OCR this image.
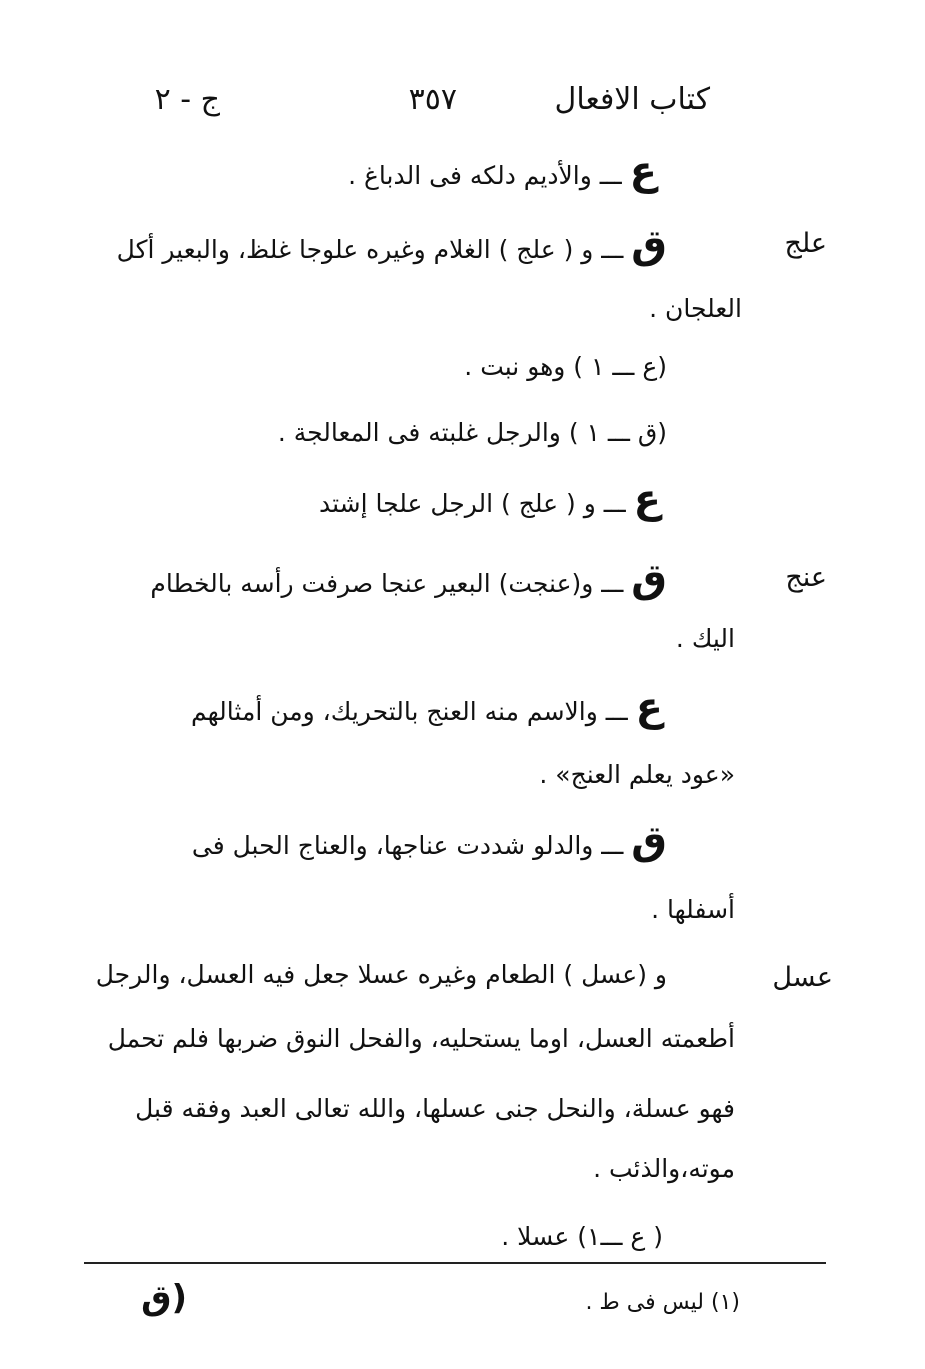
كتاب الافعال
٣٥٧
ج - ٢
ع ـــ والأديم دلكه فى الدباغ .
علج
ق ـــ و ( علج ) الغلام وغيره علوجا غلظ، والبعير أكل
العلجان .
(ع ـــ ١ ) وهو نبت .
(ق ـــ ١ ) والرجل غلبته فى المعالجة .
ع ـــ و ( علج ) الرجل علجا إشتد
عنج
ق ـــ و(عنجت) البعير عنجا صرفت رأسه بالخطام
اليك .
ع ـــ والاسم منه العنج بالتحريك، ومن أمثالهم
«عود يعلم العنج» .
ق ـــ والدلو شددت عناجها، والعناج الحبل فى
أسفلها .
عسل
و (عسل ) الطعام وغيره عسلا جعل فيه العسل، والرجل
أطعمته العسل، اوما يستحليه، والفحل النوق ضربها فلم تحمل
فهو عسلة، والنحل جنى عسلها، والله تعالى العبد وفقه قبل
موته،والذئب .
( ع ـــ١) عسلا .
(١) ليس فى ط .
(ق
